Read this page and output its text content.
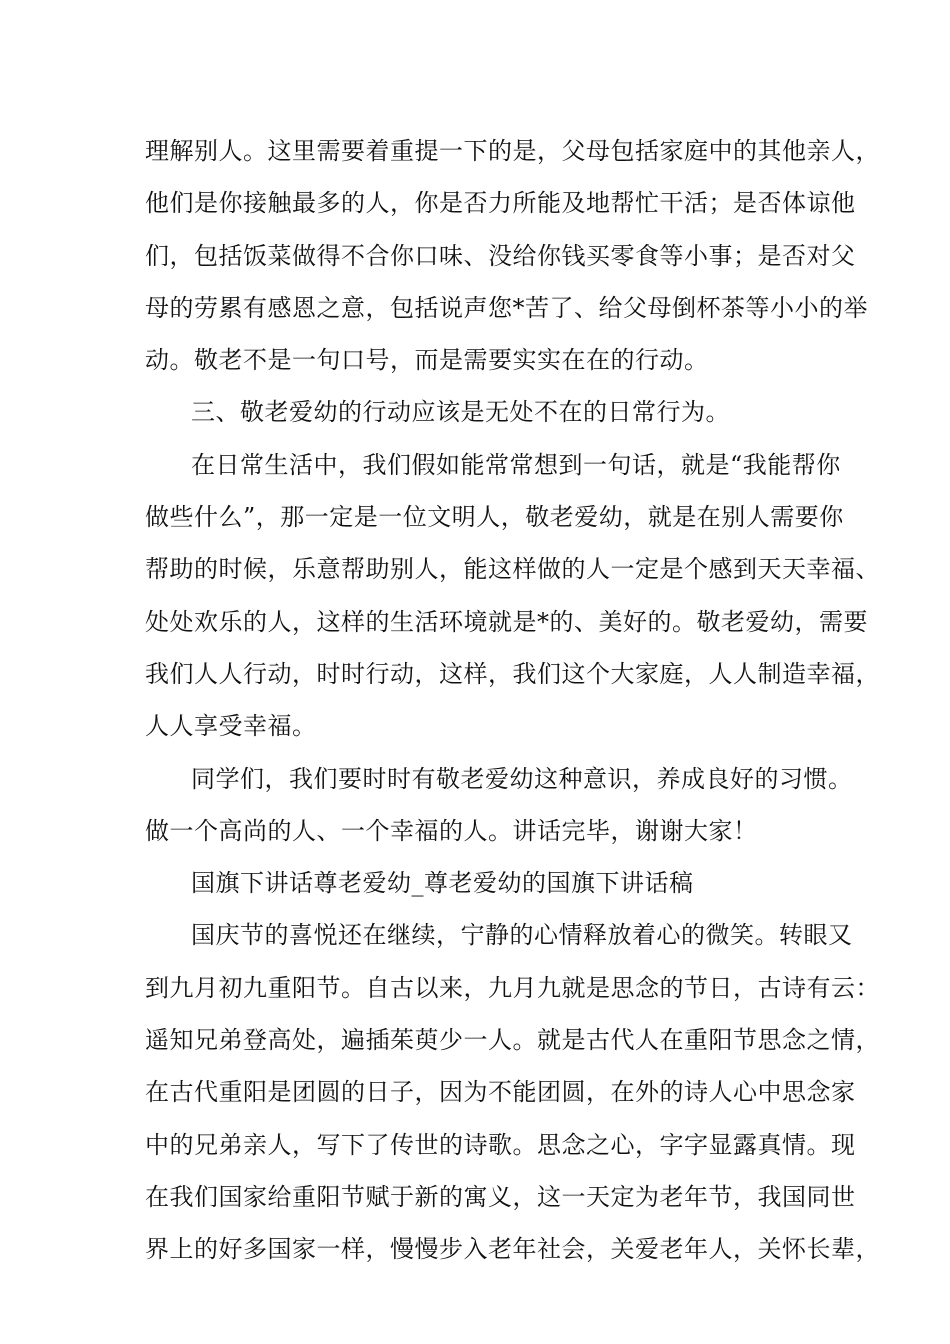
理解别人。这里需要着重提一下的是，父母包括家庭中的其他亲人，
他们是你接触最多的人，你是否力所能及地帮忙干活；是否体谅他
们，包括饭菜做得不合你口味、没给你钱买零食等小事；是否对父
母的劳累有感恩之意，包括说声您*苦了、给父母倒杯茶等小小的举
动。敬老不是一句口号，而是需要实实在在的行动。
三、敬老爱幼的行动应该是无处不在的日常行为。
在日常生活中，我们假如能常常想到一句话，就是“我能帮你
做些什么”，那一定是一位文明人，敬老爱幼，就是在别人需要你
帮助的时候，乐意帮助别人，能这样做的人一定是个感到天天幸福、
处处欢乐的人，这样的生活环境就是*的、美好的。敬老爱幼，需要
我们人人行动，时时行动，这样，我们这个大家庭，人人制造幸福，
人人享受幸福。
同学们，我们要时时有敬老爱幼这种意识，养成良好的习惯。
做一个高尚的人、一个幸福的人。讲话完毕，谢谢大家！
国旗下讲话尊老爱幼_尊老爱幼的国旗下讲话稿
国庆节的喜悦还在继续，宁静的心情释放着心的微笑。转眼又
到九月初九重阳节。自古以来，九月九就是思念的节日，古诗有云：
遥知兄弟登高处，遍插茱萸少一人。就是古代人在重阳节思念之情，
在古代重阳是团圆的日子，因为不能团圆，在外的诗人心中思念家
中的兄弟亲人，写下了传世的诗歌。思念之心，字字显露真情。现
在我们国家给重阳节赋于新的寓义，这一天定为老年节，我国同世
界上的好多国家一样，慢慢步入老年社会，关爱老年人，关怀长辈，
